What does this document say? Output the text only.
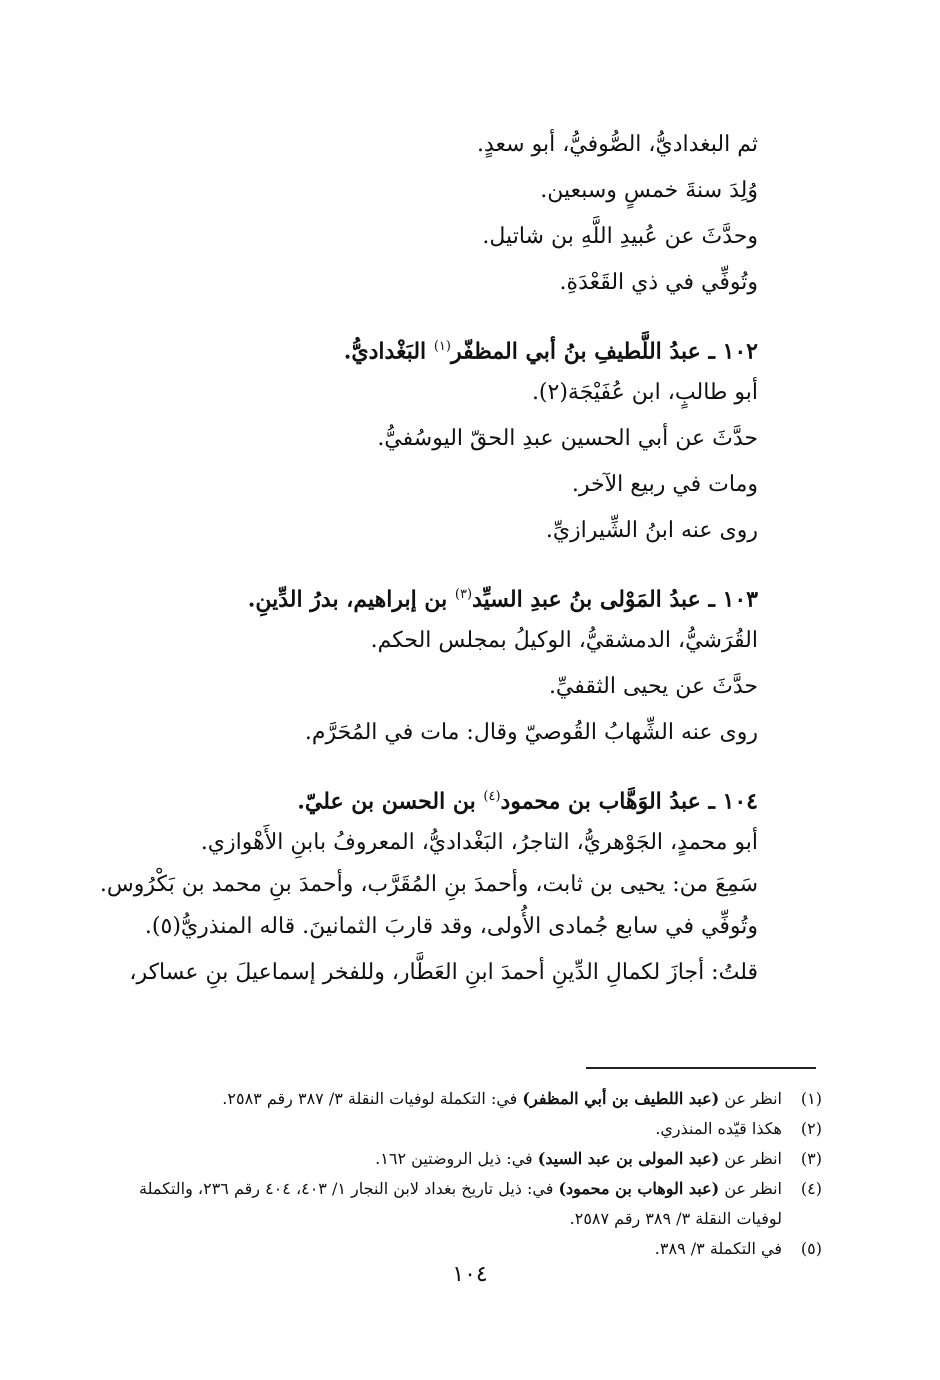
ثم البغداديُّ، الصُّوفيُّ، أبو سعدٍ.
وُلِدَ سنةَ خمسٍ وسبعين.
وحدَّثَ عن عُبيدِ اللَّهِ بن شاتيل.
وتُوفِّي في ذي القَعْدَةِ.
١٠٢ ـ عبدُ اللَّطيفِ بنُ أبي المظفّر$^{(١)}$ البَغْداديُّ.
أبو طالبٍ، ابن عُفَيْجَة(٢).
حدَّثَ عن أبي الحسين عبدِ الحقّ اليوسُفيُّ.
ومات في ربيع الآخر.
روى عنه ابنُ الشِّيرازيِّ.
١٠٣ ـ عبدُ المَوْلى بنُ عبدِ السيِّد$^{(٣)}$ بن إبراهيم، بدرُ الدِّينِ.
القُرَشيُّ، الدمشقيُّ، الوكيلُ بمجلس الحكم.
حدَّثَ عن يحيى الثقفيِّ.
روى عنه الشِّهابُ القُوصيّ وقال: مات في المُحَرَّم.
١٠٤ ـ عبدُ الوَهَّاب بن محمود$^{(٤)}$ بن الحسن بن عليّ.
أبو محمدٍ، الجَوْهريُّ، التاجرُ، البَغْداديُّ، المعروفُ بابنِ الأَهْوازي.
سَمِعَ من: يحيى بن ثابت، وأحمدَ بنِ المُقَرَّب، وأحمدَ بنِ محمد بن بَكْرُوس.
وتُوفِّي في سابع جُمادى الأُولى، وقد قاربَ الثمانينَ. قاله المنذريُّ(٥).
قلتُ: أجازَ لكمالِ الدِّينِ أحمدَ ابنِ العَطَّار، وللفخر إسماعيلَ بنِ عساكر،
(١)
انظر عن (عبد اللطيف بن أبي المظفر) في: التكملة لوفيات النقلة ٣/ ٣٨٧ رقم ٢٥٨٣.
(٢)
هكذا قيّده المنذري.
(٣)
انظر عن (عبد المولى بن عبد السيد) في: ذيل الروضتين ١٦٢.
(٤)
انظر عن (عبد الوهاب بن محمود) في: ذيل تاريخ بغداد لابن النجار ١/ ٤٠٣، ٤٠٤ رقم ٢٣٦، والتكملة لوفيات النقلة ٣/ ٣٨٩ رقم ٢٥٨٧.
(٥)
في التكملة ٣/ ٣٨٩.
١٠٤
